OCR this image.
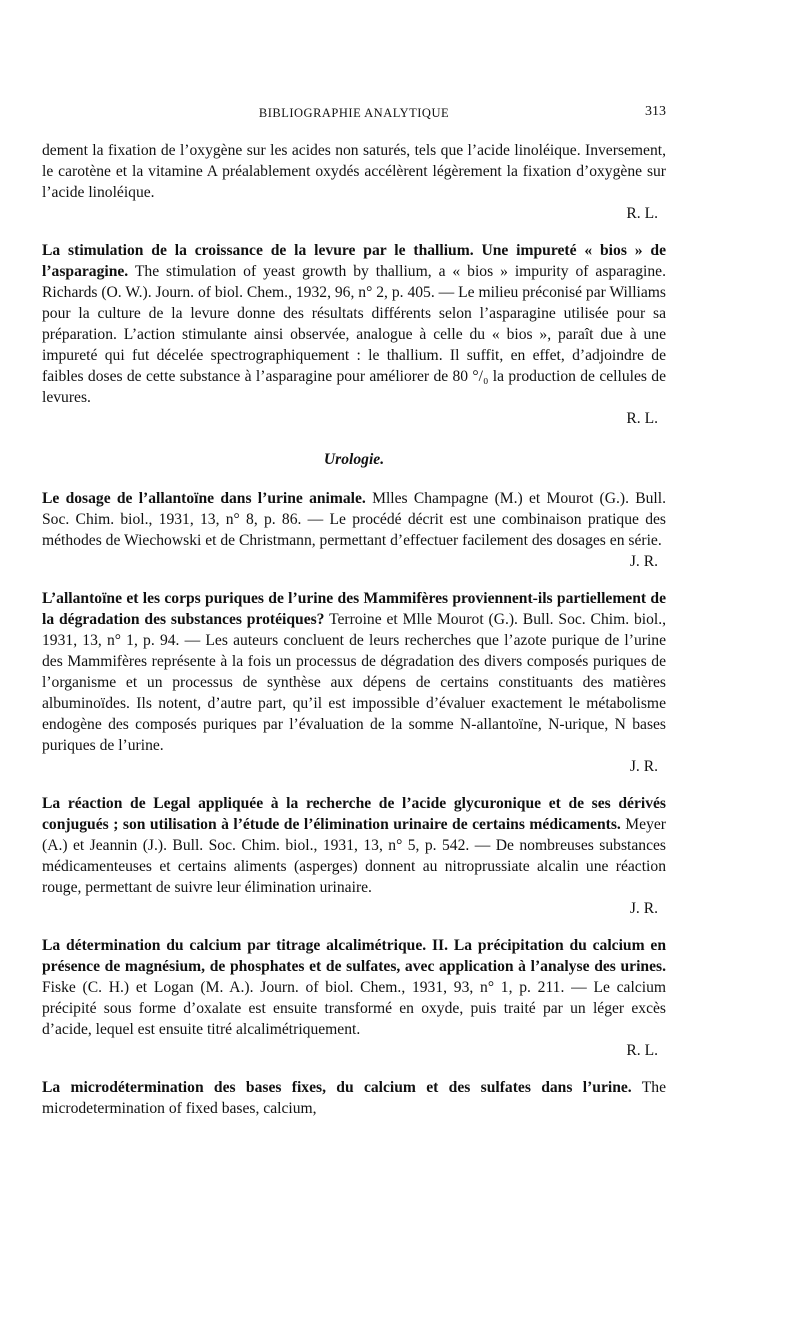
BIBLIOGRAPHIE ANALYTIQUE	313

dement la fixation de l’oxygène sur les acides non saturés, tels que l’acide linoléique. Inversement, le carotène et la vitamine A préalablement oxydés accélèrent légèrement la fixation d’oxygène sur l’acide linoléique.

R. L.

La stimulation de la croissance de la levure par le thallium. Une impureté « bios » de l’asparagine. The stimulation of yeast growth by thallium, a « bios » impurity of asparagine. Richards (O. W.). Journ. of biol. Chem., 1932, 96, n° 2, p. 405. — Le milieu préconisé par Williams pour la culture de la levure donne des résultats différents selon l’asparagine utilisée pour sa préparation. L’action stimulante ainsi observée, analogue à celle du « bios », paraît due à une impureté qui fut décelée spectrographiquement : le thallium. Il suffit, en effet, d’adjoindre de faibles doses de cette substance à l’asparagine pour améliorer de 80 °/₀ la production de cellules de levures.

R. L.

Urologie.

Le dosage de l’allantoïne dans l’urine animale. Mlles Champagne (M.) et Mourot (G.). Bull. Soc. Chim. biol., 1931, 13, n° 8, p. 86. — Le procédé décrit est une combinaison pratique des méthodes de Wiechowski et de Christmann, permettant d’effectuer facilement des dosages en série.

J. R.

L’allantoïne et les corps puriques de l’urine des Mammifères proviennent-ils partiellement de la dégradation des substances protéiques? Terroine et Mlle Mourot (G.). Bull. Soc. Chim. biol., 1931, 13, n° 1, p. 94. — Les auteurs concluent de leurs recherches que l’azote purique de l’urine des Mammifères représente à la fois un processus de dégradation des divers composés puriques de l’organisme et un processus de synthèse aux dépens de certains constituants des matières albuminoïdes. Ils notent, d’autre part, qu’il est impossible d’évaluer exactement le métabolisme endogène des composés puriques par l’évaluation de la somme N-allantoïne, N-urique, N bases puriques de l’urine.

J. R.

La réaction de Legal appliquée à la recherche de l’acide glycuronique et de ses dérivés conjugués ; son utilisation à l’étude de l’élimination urinaire de certains médicaments. Meyer (A.) et Jeannin (J.). Bull. Soc. Chim. biol., 1931, 13, n° 5, p. 542. — De nombreuses substances médicamenteuses et certains aliments (asperges) donnent au nitroprussiate alcalin une réaction rouge, permettant de suivre leur élimination urinaire.

J. R.

La détermination du calcium par titrage alcalimétrique. II. La précipitation du calcium en présence de magnésium, de phosphates et de sulfates, avec application à l’analyse des urines. Fiske (C. H.) et Logan (M. A.). Journ. of biol. Chem., 1931, 93, n° 1, p. 211. — Le calcium précipité sous forme d’oxalate est ensuite transformé en oxyde, puis traité par un léger excès d’acide, lequel est ensuite titré alcalimétriquement.

R. L.

La microdétermination des bases fixes, du calcium et des sulfates dans l’urine. The microdetermination of fixed bases, calcium,
